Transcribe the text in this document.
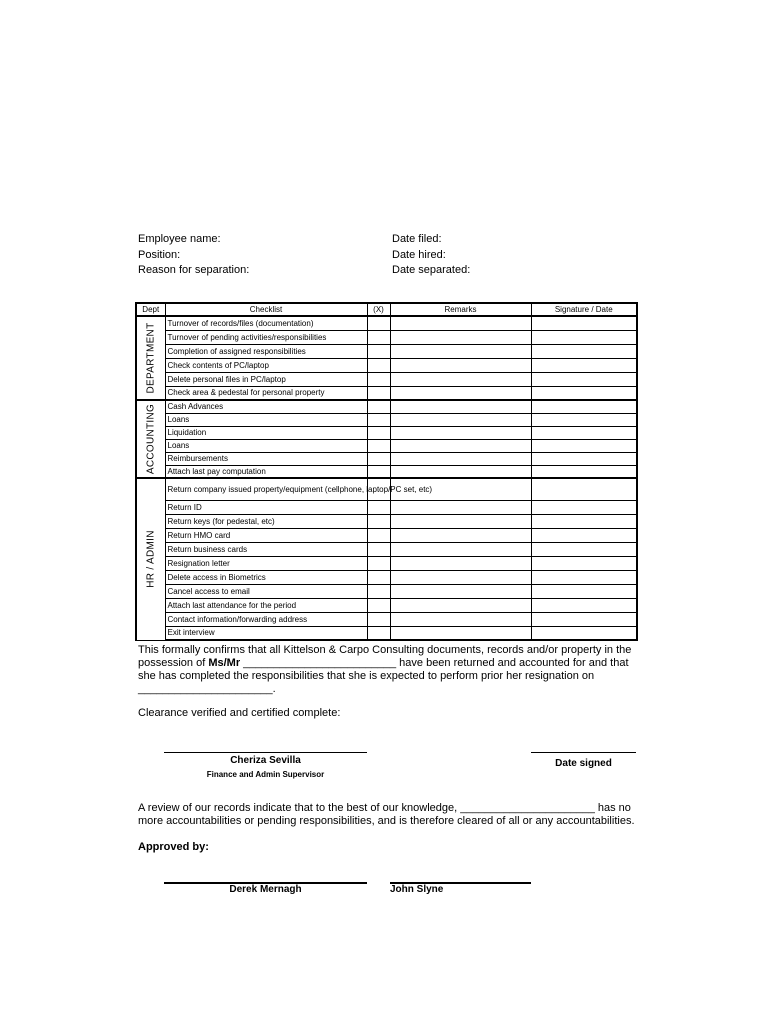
Employee name:
Position:
Reason for separation:
Date filed:
Date hired:
Date separated:
Dept	Checklist	(X)	Remarks	Signature / Date

DEPARTMENT	Turnover of records/files (documentation)			
	Turnover of pending activities/responsibilities			
	Completion of assigned responsibilities			
	Check contents of PC/laptop			
	Delete personal files in PC/laptop			
	Check area & pedestal for personal property			

ACCOUNTING	Cash Advances			
	Loans			
	Liquidation			
	Loans			
	Reimbursements			
	Attach last pay computation			

HR / ADMIN	Return company issued property/equipment (cellphone, laptop/PC set, etc)			
	Return ID			
	Return keys (for pedestal, etc)			
	Return HMO card			
	Return business cards			
	Resignation letter			
	Delete access in Biometrics			
	Cancel access to email			
	Attach last attendance for the period			
	Contact information/forwarding address			
	Exit interview			
This formally confirms that all Kittelson & Carpo Consulting documents, records and/or property in the possession of Ms/Mr _________________________ have been returned and accounted for and that she has completed the responsibilities that she is expected to perform prior her resignation on ______________________.
Clearance verified and certified complete:
Cheriza Sevilla
Finance and Admin Supervisor
Date signed
A review of our records indicate that to the best of our knowledge, ______________________ has no more accountabilities or pending responsibilities, and is therefore cleared of all or any accountabilities.
Approved by:
Derek Mernagh	John Slyne
